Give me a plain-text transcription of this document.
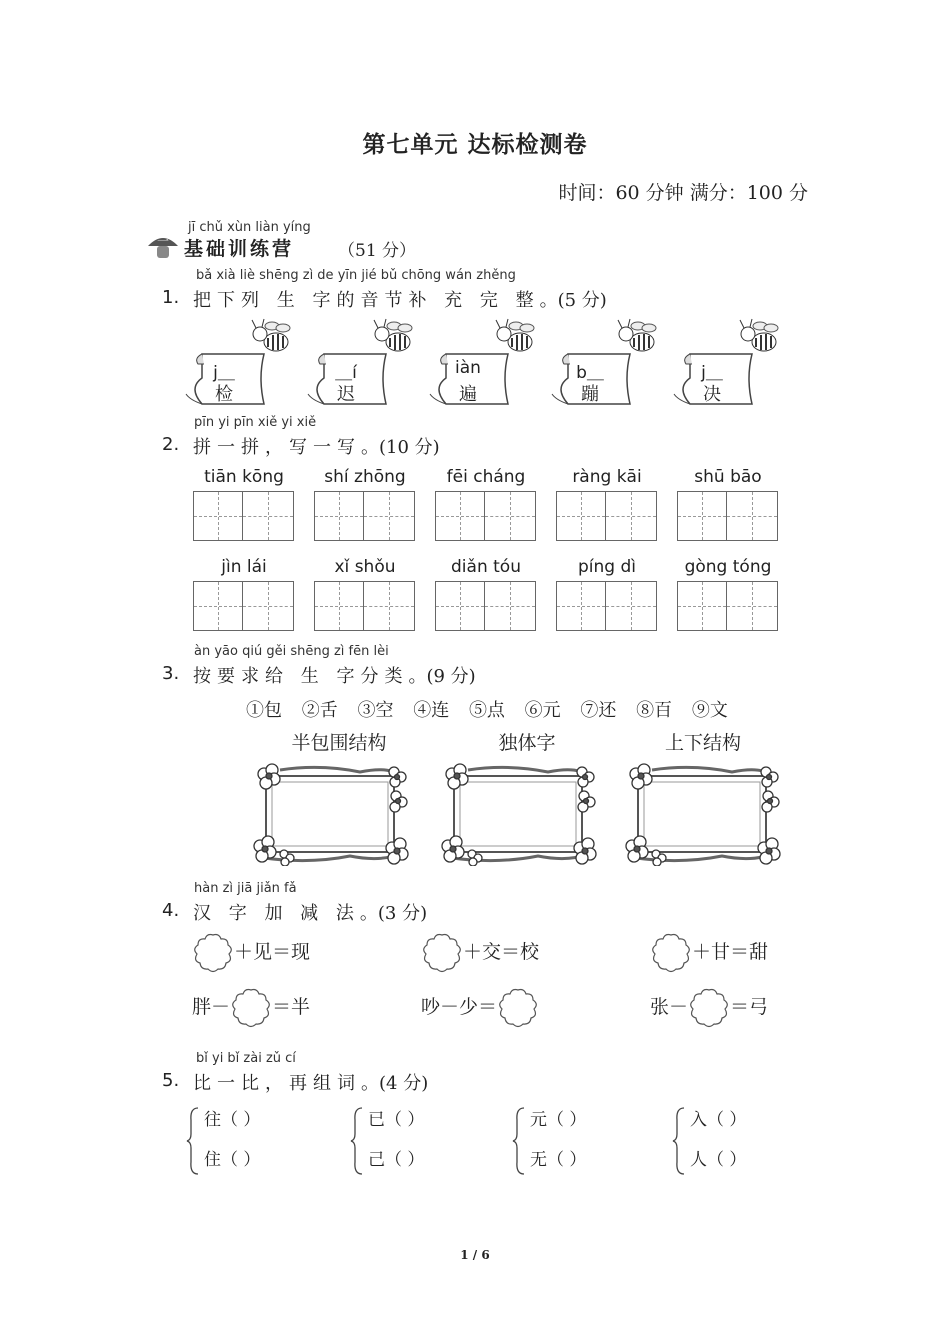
第七单元 达标检测卷
时间：60 分钟 满分：100 分
jī chǔ xùn liàn yíng
一 基础训练营	（51 分）
bǎ xià liè shēng zì de yīn jié bǔ chōng wán zhěng
1. 把下列 生 字的音节补 充 完 整。(5 分)
j＿
检
＿í
迟
iàn
遍
b＿
蹦
j＿
决
pīn yi pīn xiě yi xiě
2. 拼一拼，写一写。(10 分)
tiān kōng	shí zhōng	fēi cháng	ràng kāi	shū bāo
jìn lái	xǐ shǒu	diǎn tóu	píng dì	gòng tóng
àn yāo qiú gěi shēng zì fēn lèi
3. 按要求给 生 字分类。(9 分)
①包 ②舌 ③空 ④连 ⑤点 ⑥元 ⑦还 ⑧百 ⑨文
半包围结构	独体字	上下结构
hàn zì jiā jiǎn fǎ
4. 汉 字 加 减 法。(3 分)
＋见＝现	＋交＝校	＋甘＝甜
胖－ ＝半	吵－少＝	张－ ＝弓
bǐ yi bǐ zài zǔ cí
5. 比一比，再组词。(4 分)
往（ ）
住（ ）
已（ ）
己（ ）
元（ ）
无（ ）
入（ ）
人（ ）
1 / 6
